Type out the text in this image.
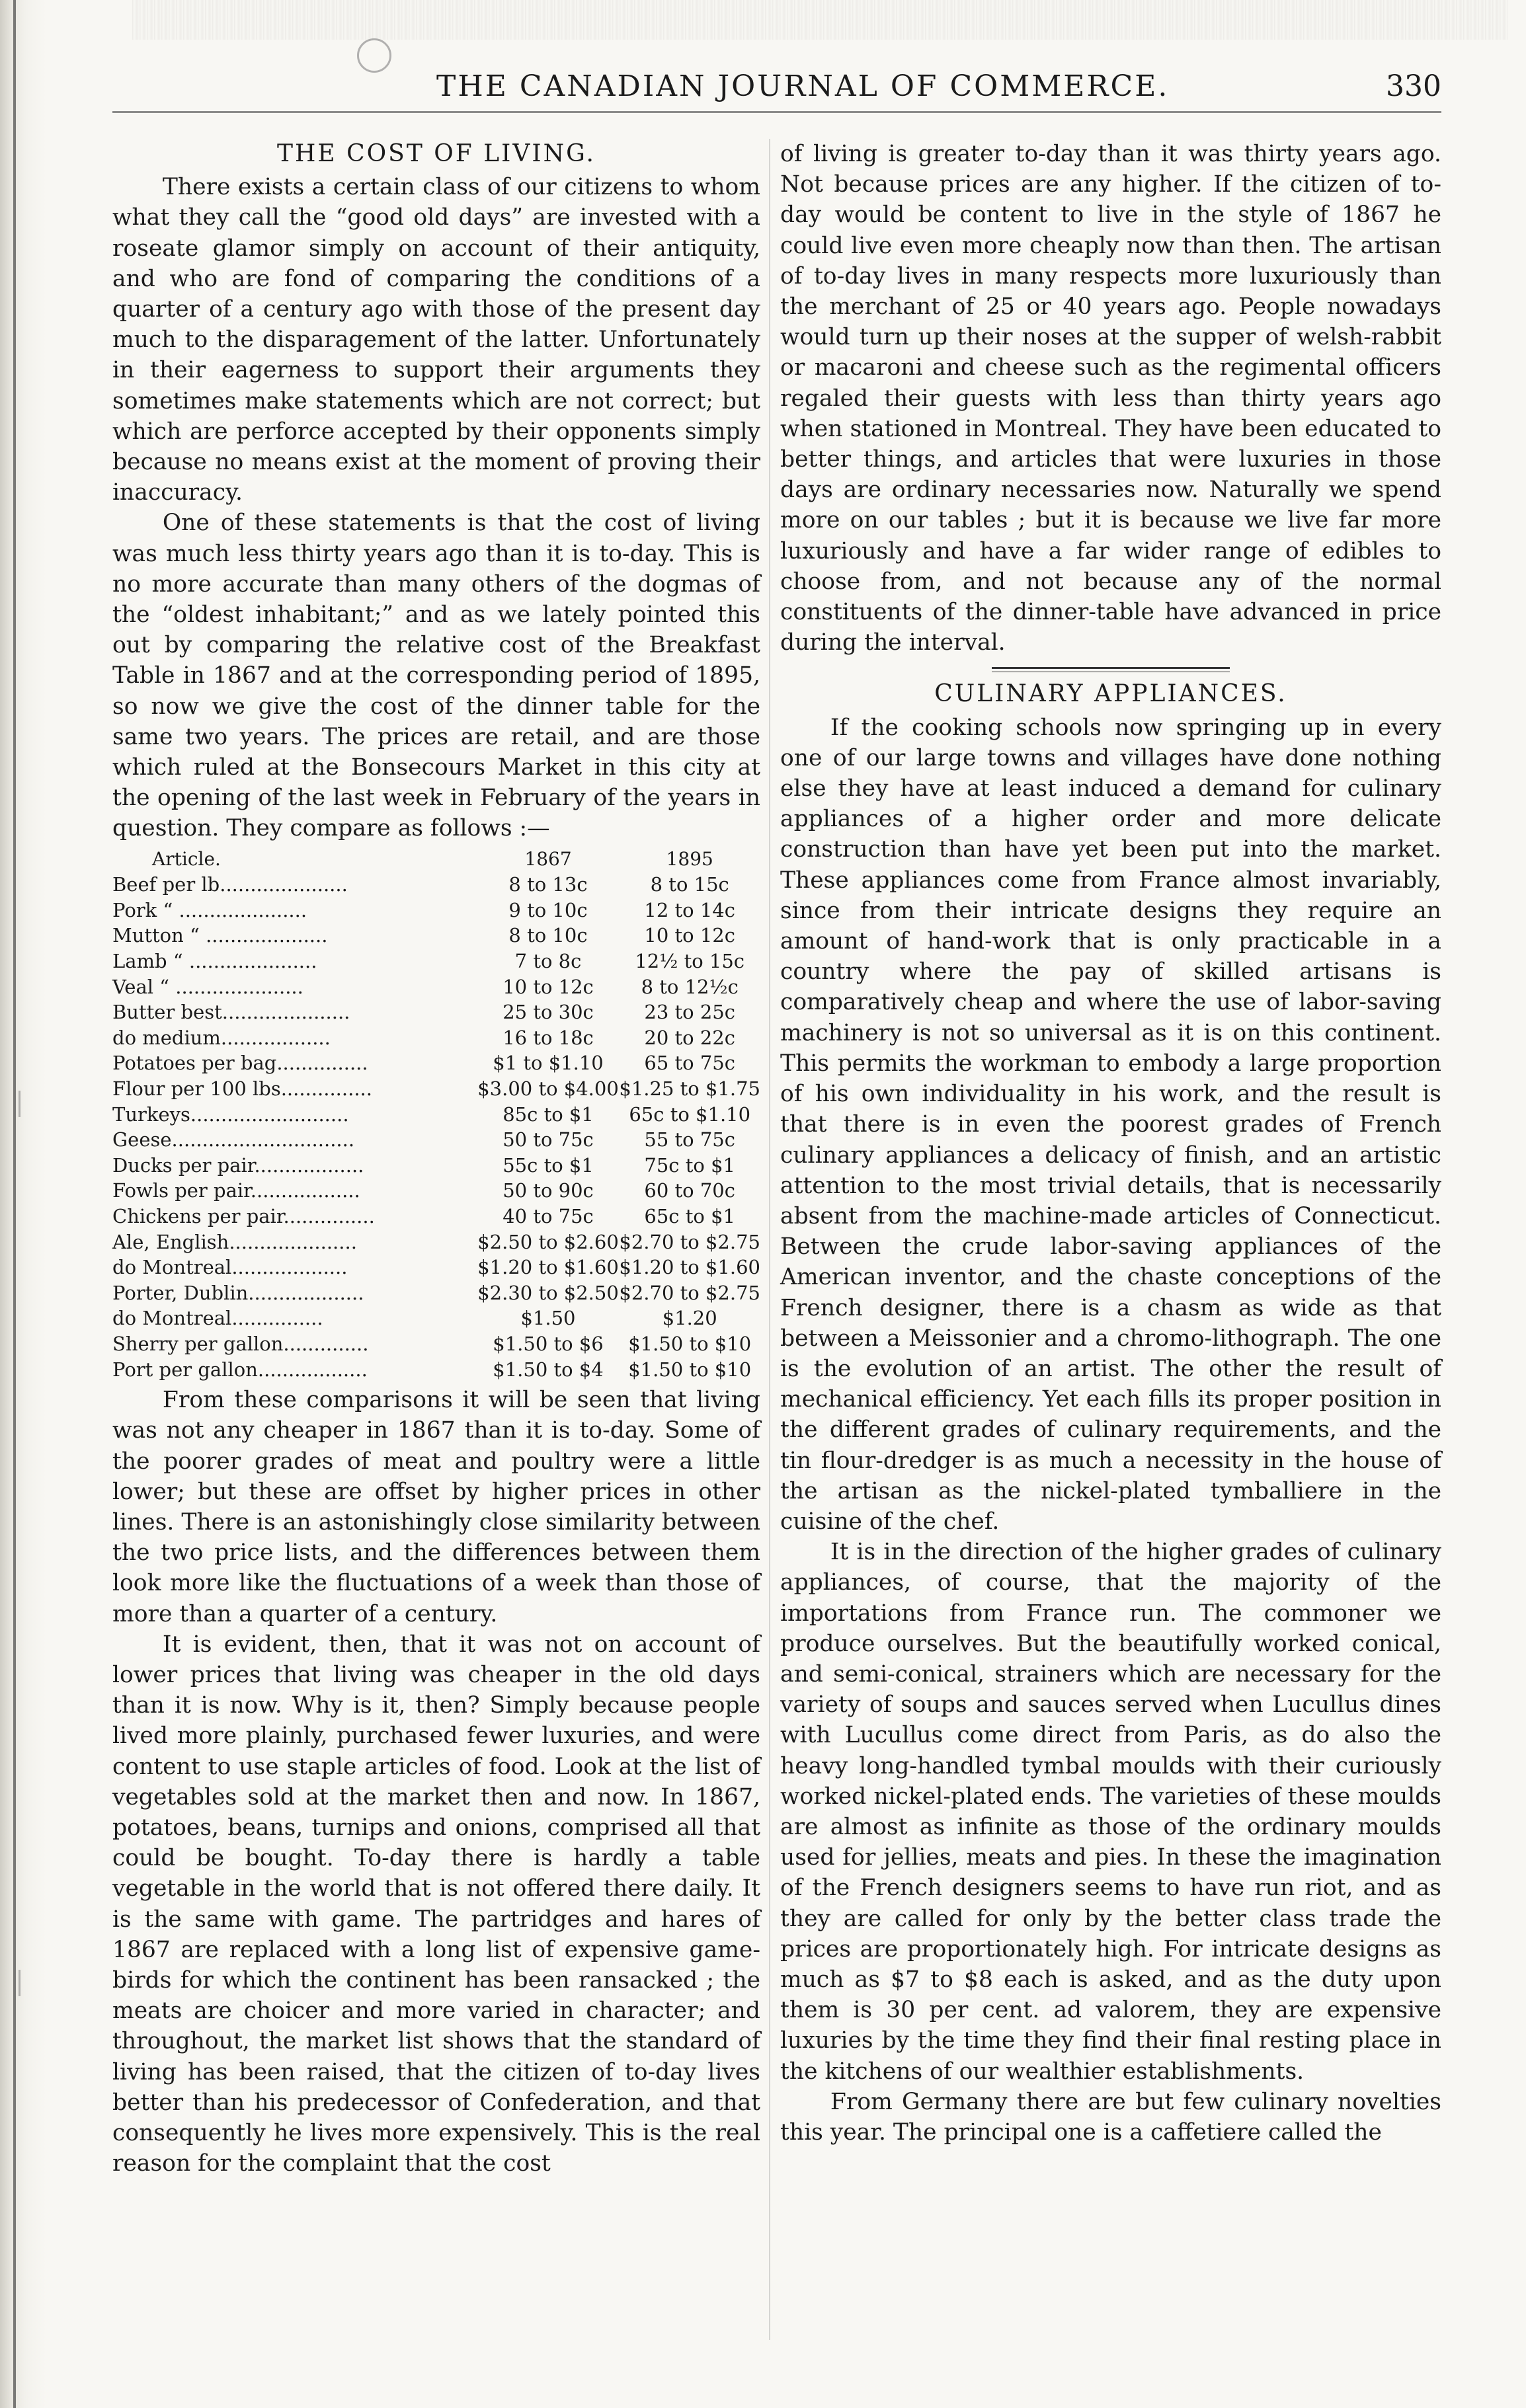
THE CANADIAN JOURNAL OF COMMERCE.	330
THE COST OF LIVING.

There exists a certain class of our citizens to whom what they call the “good old days” are invested with a roseate glamor simply on account of their antiquity, and who are fond of comparing the conditions of a quarter of a century ago with those of the present day much to the disparagement of the latter. Unfortunately in their eagerness to support their arguments they sometimes make statements which are not correct; but which are perforce accepted by their opponents simply because no means exist at the moment of proving their inaccuracy.

One of these statements is that the cost of living was much less thirty years ago than it is to-day. This is no more accurate than many others of the dogmas of the “oldest inhabitant;” and as we lately pointed this out by comparing the relative cost of the Breakfast Table in 1867 and at the corresponding period of 1895, so now we give the cost of the dinner table for the same two years. The prices are retail, and are those which ruled at the Bonsecours Market in this city at the opening of the last week in February of the years in question. They compare as follows :—

Article.	1867	1895
Beef per lb.....................	8 to 13c	8 to 15c
Pork “ .....................	9 to 10c	12 to 14c
Mutton “ ....................	8 to 10c	10 to 12c
Lamb “ .....................	7 to 8c	12½ to 15c
Veal “ .....................	10 to 12c	8 to 12½c
Butter best.....................	25 to 30c	23 to 25c
do medium..................	16 to 18c	20 to 22c
Potatoes per bag...............	$1 to $1.10	65 to 75c
Flour per 100 lbs...............	$3.00 to $4.00	$1.25 to $1.75
Turkeys..........................	85c to $1	65c to $1.10
Geese..............................	50 to 75c	55 to 75c
Ducks per pair..................	55c to $1	75c to $1
Fowls per pair..................	50 to 90c	60 to 70c
Chickens per pair...............	40 to 75c	65c to $1
Ale, English.....................	$2.50 to $2.60	$2.70 to $2.75
do Montreal...................	$1.20 to $1.60	$1.20 to $1.60
Porter, Dublin...................	$2.30 to $2.50	$2.70 to $2.75
do Montreal...............	$1.50	$1.20
Sherry per gallon..............	$1.50 to $6	$1.50 to $10
Port per gallon..................	$1.50 to $4	$1.50 to $10

From these comparisons it will be seen that living was not any cheaper in 1867 than it is to-day. Some of the poorer grades of meat and poultry were a little lower; but these are offset by higher prices in other lines. There is an astonishingly close similarity between the two price lists, and the differences between them look more like the fluctuations of a week than those of more than a quarter of a century.

It is evident, then, that it was not on account of lower prices that living was cheaper in the old days than it is now. Why is it, then? Simply because people lived more plainly, purchased fewer luxuries, and were content to use staple articles of food. Look at the list of vegetables sold at the market then and now. In 1867, potatoes, beans, turnips and onions, comprised all that could be bought. To-day there is hardly a table vegetable in the world that is not offered there daily. It is the same with game. The partridges and hares of 1867 are replaced with a long list of expensive game-birds for which the continent has been ransacked ; the meats are choicer and more varied in character; and throughout, the market list shows that the standard of living has been raised, that the citizen of to-day lives better than his predecessor of Confederation, and that consequently he lives more expensively. This is the real reason for the complaint that the cost

of living is greater to-day than it was thirty years ago. Not because prices are any higher. If the citizen of to-day would be content to live in the style of 1867 he could live even more cheaply now than then. The artisan of to-day lives in many respects more luxuriously than the merchant of 25 or 40 years ago. People nowadays would turn up their noses at the supper of welsh-rabbit or macaroni and cheese such as the regimental officers regaled their guests with less than thirty years ago when stationed in Montreal. They have been educated to better things, and articles that were luxuries in those days are ordinary necessaries now. Naturally we spend more on our tables ; but it is because we live far more luxuriously and have a far wider range of edibles to choose from, and not because any of the normal constituents of the dinner-table have advanced in price during the interval.

CULINARY APPLIANCES.

If the cooking schools now springing up in every one of our large towns and villages have done nothing else they have at least induced a demand for culinary appliances of a higher order and more delicate construction than have yet been put into the market. These appliances come from France almost invariably, since from their intricate designs they require an amount of hand-work that is only practicable in a country where the pay of skilled artisans is comparatively cheap and where the use of labor-saving machinery is not so universal as it is on this continent. This permits the workman to embody a large proportion of his own individuality in his work, and the result is that there is in even the poorest grades of French culinary appliances a delicacy of finish, and an artistic attention to the most trivial details, that is necessarily absent from the machine-made articles of Connecticut. Between the crude labor-saving appliances of the American inventor, and the chaste conceptions of the French designer, there is a chasm as wide as that between a Meissonier and a chromo-lithograph. The one is the evolution of an artist. The other the result of mechanical efficiency. Yet each fills its proper position in the different grades of culinary requirements, and the tin flour-dredger is as much a necessity in the house of the artisan as the nickel-plated tymballiere in the cuisine of the chef.

It is in the direction of the higher grades of culinary appliances, of course, that the majority of the importations from France run. The commoner we produce ourselves. But the beautifully worked conical, and semi-conical, strainers which are necessary for the variety of soups and sauces served when Lucullus dines with Lucullus come direct from Paris, as do also the heavy long-handled tymbal moulds with their curiously worked nickel-plated ends. The varieties of these moulds are almost as infinite as those of the ordinary moulds used for jellies, meats and pies. In these the imagination of the French designers seems to have run riot, and as they are called for only by the better class trade the prices are proportionately high. For intricate designs as much as $7 to $8 each is asked, and as the duty upon them is 30 per cent. ad valorem, they are expensive luxuries by the time they find their final resting place in the kitchens of our wealthier establishments.

From Germany there are but few culinary novelties this year. The principal one is a caffetiere called the
